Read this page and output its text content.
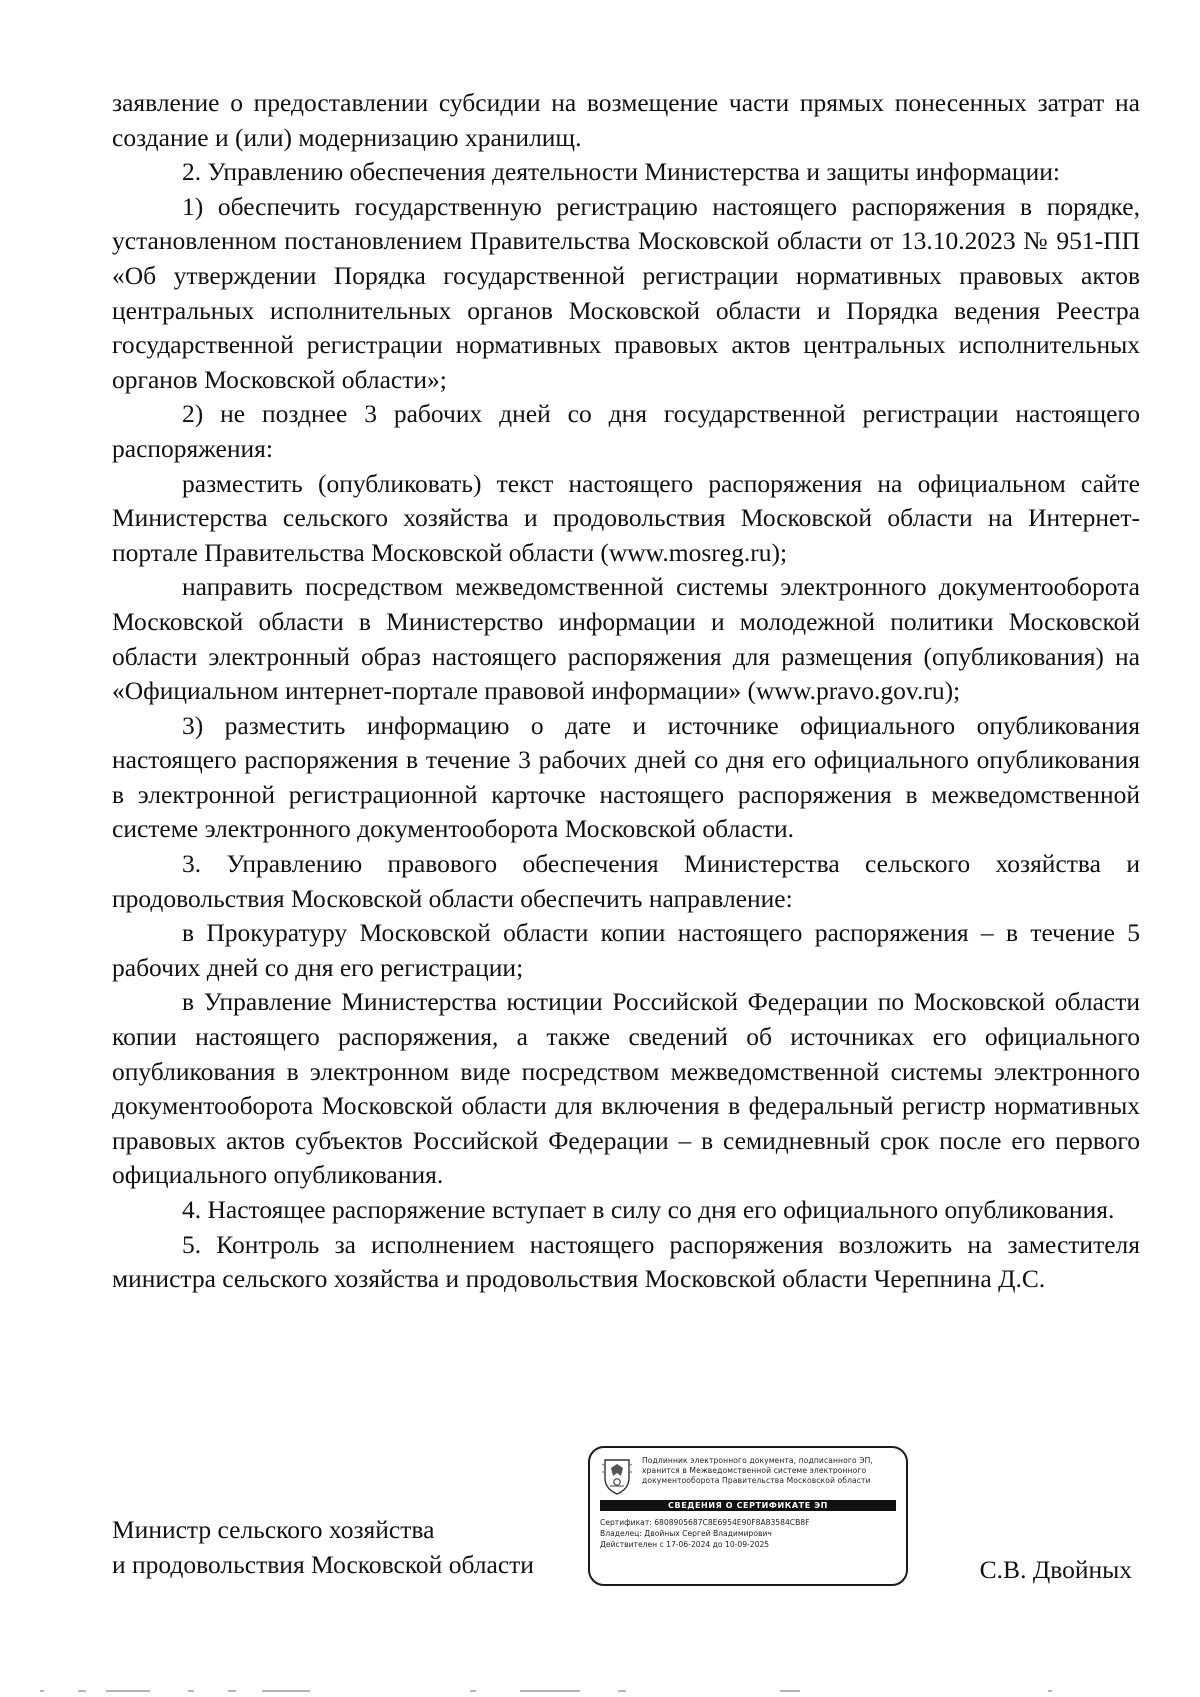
заявление о предоставлении субсидии на возмещение части прямых понесенных затрат на создание и (или) модернизацию хранилищ.

2. Управлению обеспечения деятельности Министерства и защиты информации:

1) обеспечить государственную регистрацию настоящего распоряжения в порядке, установленном постановлением Правительства Московской области от 13.10.2023 № 951-ПП «Об утверждении Порядка государственной регистрации нормативных правовых актов центральных исполнительных органов Московской области и Порядка ведения Реестра государственной регистрации нормативных правовых актов центральных исполнительных органов Московской области»;

2) не позднее 3 рабочих дней со дня государственной регистрации настоящего распоряжения:

разместить (опубликовать) текст настоящего распоряжения на официальном сайте Министерства сельского хозяйства и продовольствия Московской области на Интернет-портале Правительства Московской области (www.mosreg.ru);

направить посредством межведомственной системы электронного документооборота Московской области в Министерство информации и молодежной политики Московской области электронный образ настоящего распоряжения для размещения (опубликования) на «Официальном интернет-портале правовой информации» (www.pravo.gov.ru);

3) разместить информацию о дате и источнике официального опубликования настоящего распоряжения в течение 3 рабочих дней со дня его официального опубликования в электронной регистрационной карточке настоящего распоряжения в межведомственной системе электронного документооборота Московской области.

3. Управлению правового обеспечения Министерства сельского хозяйства и продовольствия Московской области обеспечить направление:

в Прокуратуру Московской области копии настоящего распоряжения – в течение 5 рабочих дней со дня его регистрации;

в Управление Министерства юстиции Российской Федерации по Московской области копии настоящего распоряжения, а также сведений об источниках его официального опубликования в электронном виде посредством межведомственной системы электронного документооборота Московской области для включения в федеральный регистр нормативных правовых актов субъектов Российской Федерации – в семидневный срок после его первого официального опубликования.

4. Настоящее распоряжение вступает в силу со дня его официального опубликования.

5. Контроль за исполнением настоящего распоряжения возложить на заместителя министра сельского хозяйства и продовольствия Московской области Черепнина Д.С.

Министр сельского хозяйства
и продовольствия Московской области
Подлинник электронного документа, подписанного ЭП,
хранится в Межведомственной системе электронного
документооборота Правительства Московской области
СВЕДЕНИЯ О СЕРТИФИКАТЕ ЭП
Сертификат: 6808905687C8E6954E90F8A83584CB8F
Владелец: Двойных Сергей Владимирович
Действителен с 17-06-2024 до 10-09-2025
С.В. Двойных
